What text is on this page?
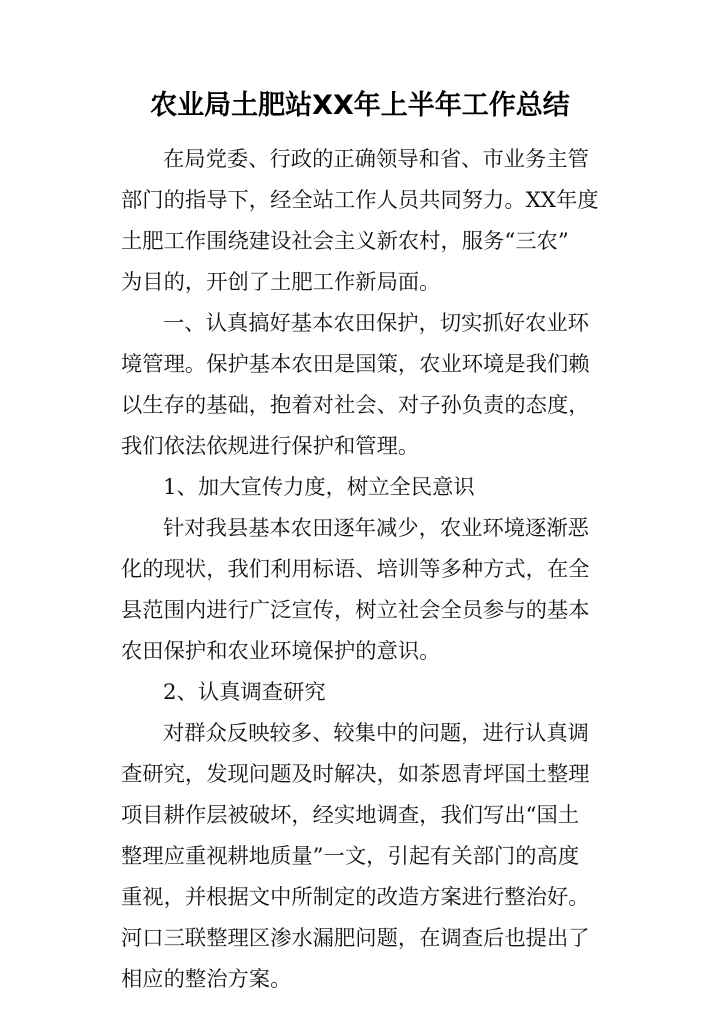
农业局土肥站XX年上半年工作总结

在局党委、行政的正确领导和省、市业务主管
部门的指导下，经全站工作人员共同努力。XX年度
土肥工作围绕建设社会主义新农村，服务“三农”
为目的，开创了土肥工作新局面。

一、认真搞好基本农田保护，切实抓好农业环
境管理。保护基本农田是国策，农业环境是我们赖
以生存的基础，抱着对社会、对子孙负责的态度，
我们依法依规进行保护和管理。

1、加大宣传力度，树立全民意识

针对我县基本农田逐年减少，农业环境逐渐恶
化的现状，我们利用标语、培训等多种方式，在全
县范围内进行广泛宣传，树立社会全员参与的基本
农田保护和农业环境保护的意识。

2、认真调查研究

对群众反映较多、较集中的问题，进行认真调
查研究，发现问题及时解决，如茶恩青坪国土整理
项目耕作层被破坏，经实地调查，我们写出“国土
整理应重视耕地质量”一文，引起有关部门的高度
重视，并根据文中所制定的改造方案进行整治好。
河口三联整理区渗水漏肥问题，在调查后也提出了
相应的整治方案。
